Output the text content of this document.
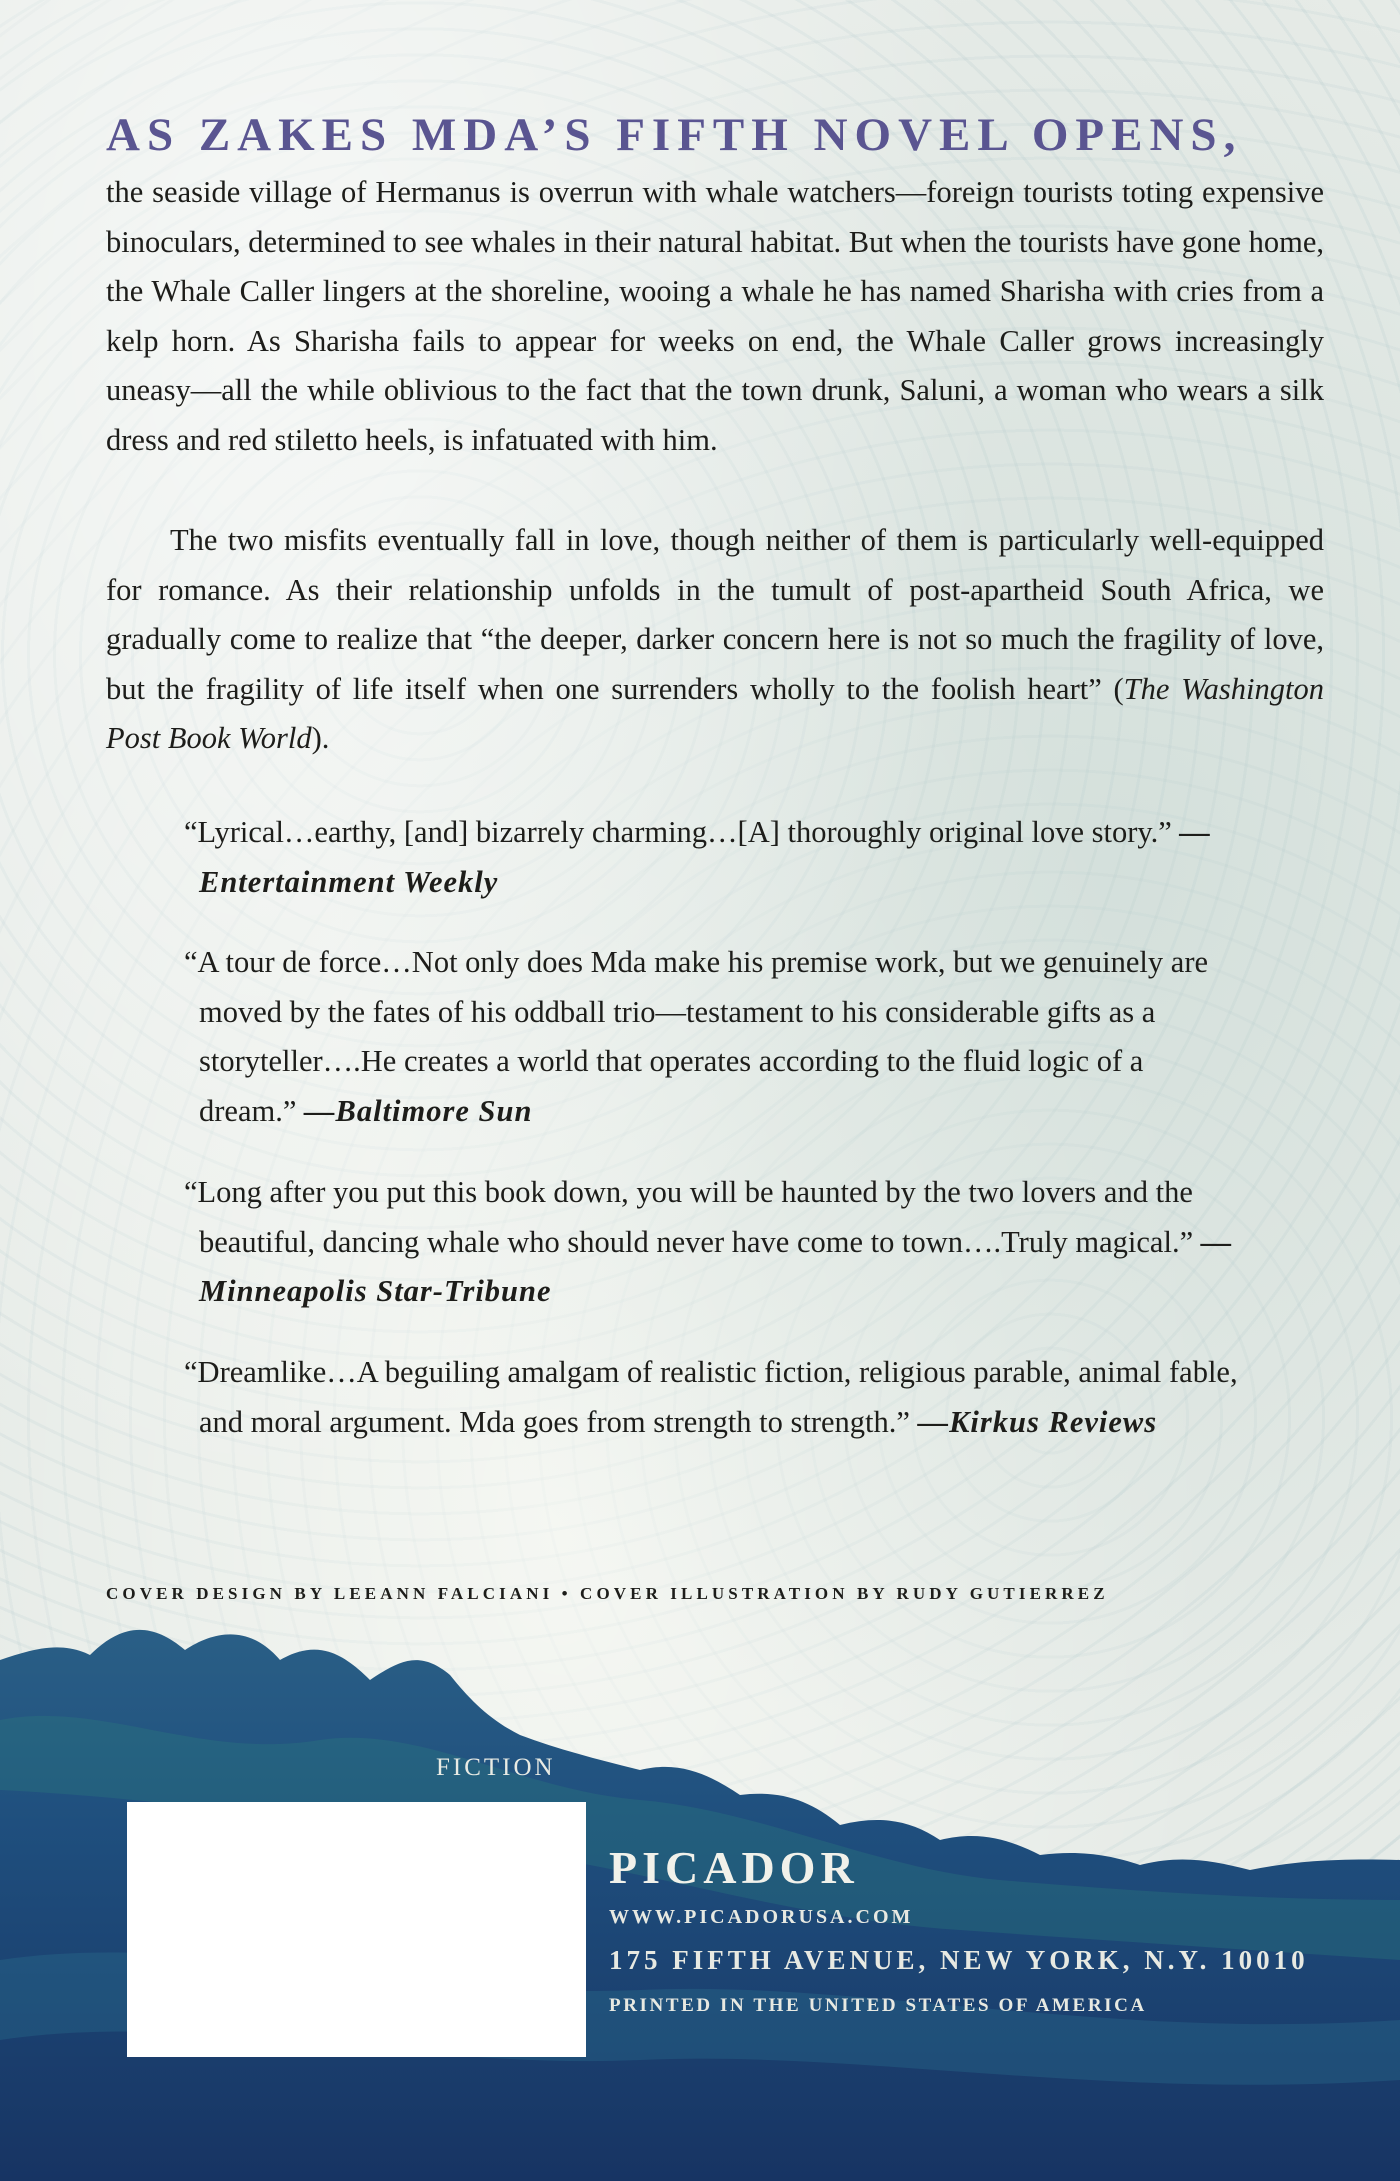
AS ZAKES MDA’S FIFTH NOVEL OPENS,

the seaside village of Hermanus is overrun with whale watchers—foreign tourists toting expensive binoculars, determined to see whales in their natural habitat. But when the tourists have gone home, the Whale Caller lingers at the shoreline, wooing a whale he has named Sharisha with cries from a kelp horn. As Sharisha fails to appear for weeks on end, the Whale Caller grows increasingly uneasy—all the while oblivious to the fact that the town drunk, Saluni, a woman who wears a silk dress and red stiletto heels, is infatuated with him.

The two misfits eventually fall in love, though neither of them is particularly well-equipped for romance. As their relationship unfolds in the tumult of post-apartheid South Africa, we gradually come to realize that “the deeper, darker concern here is not so much the fragility of love, but the fragility of life itself when one surrenders wholly to the foolish heart” (The Washington Post Book World).

“Lyrical…earthy, [and] bizarrely charming…[A] thoroughly original love story.” —Entertainment Weekly
“A tour de force…Not only does Mda make his premise work, but we genuinely are moved by the fates of his oddball trio—testament to his considerable gifts as a storyteller….He creates a world that operates according to the fluid logic of a dream.” —Baltimore Sun
“Long after you put this book down, you will be haunted by the two lovers and the beautiful, dancing whale who should never have come to town….Truly magical.” —Minneapolis Star-Tribune
“Dreamlike…A beguiling amalgam of realistic fiction, religious parable, animal fable, and moral argument. Mda goes from strength to strength.” —Kirkus Reviews
COVER DESIGN BY LEEANN FALCIANI • COVER ILLUSTRATION BY RUDY GUTIERREZ
FICTION
PICADOR
WWW.PICADORUSA.COM
175 FIFTH AVENUE, NEW YORK, N.Y. 10010
PRINTED IN THE UNITED STATES OF AMERICA
